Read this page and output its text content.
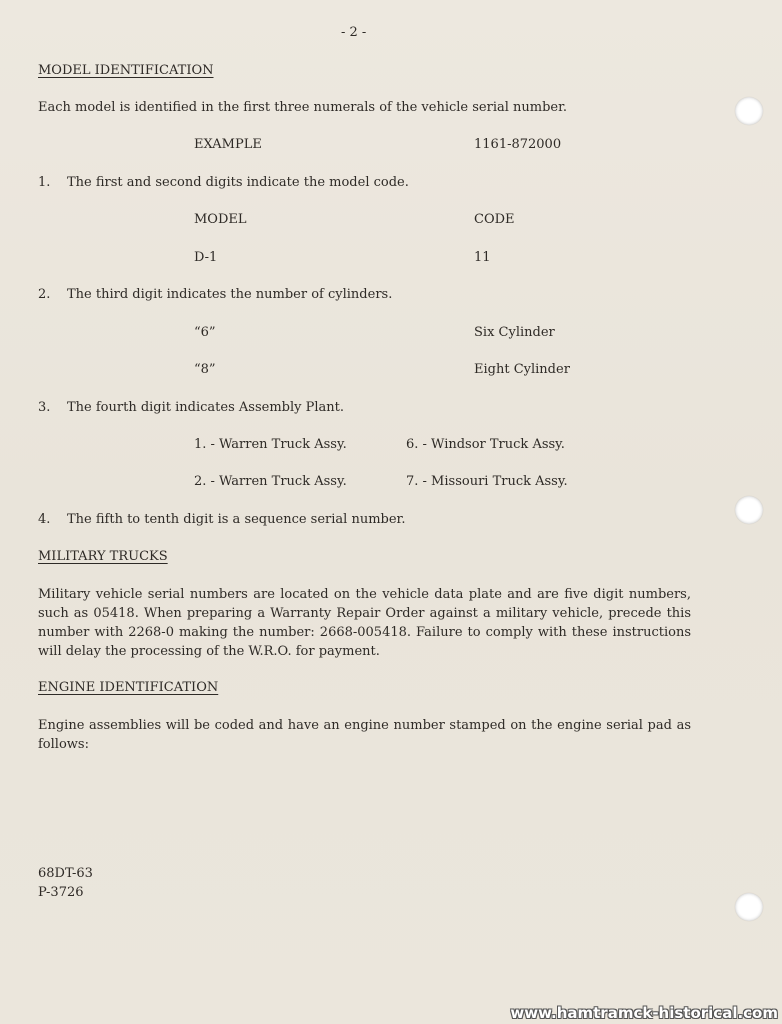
- 2 -
MODEL IDENTIFICATION
Each model is identified in the first three numerals of the vehicle serial number.
EXAMPLE	1161-872000
1. The first and second digits indicate the model code.
MODEL	CODE
D-1	11
2. The third digit indicates the number of cylinders.
“6”	Six Cylinder
“8”	Eight Cylinder
3. The fourth digit indicates Assembly Plant.
1. - Warren Truck Assy.	6. - Windsor Truck Assy.
2. - Warren Truck Assy.	7. - Missouri Truck Assy.
4. The fifth to tenth digit is a sequence serial number.
MILITARY TRUCKS
Military vehicle serial numbers are located on the vehicle data plate and are five digit numbers, such as 05418. When preparing a Warranty Repair Order against a military vehicle, precede this number with 2268-0 making the number: 2668-005418. Failure to comply with these instructions will delay the processing of the W.R.O. for payment.
ENGINE IDENTIFICATION
Engine assemblies will be coded and have an engine number stamped on the engine serial pad as follows:
68DT-63
P-3726
www.hamtramck-historical.com
